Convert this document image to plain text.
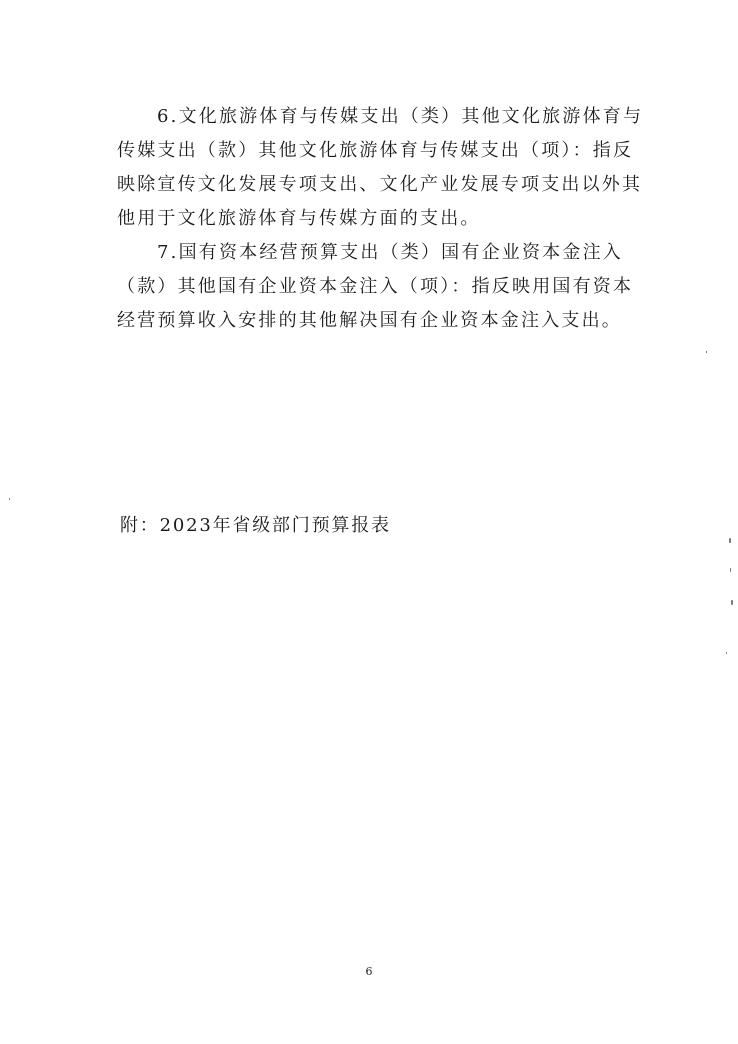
6.文化旅游体育与传媒支出（类）其他文化旅游体育与
传媒支出（款）其他文化旅游体育与传媒支出（项）：指反
映除宣传文化发展专项支出、文化产业发展专项支出以外其
他用于文化旅游体育与传媒方面的支出。
7.国有资本经营预算支出（类）国有企业资本金注入
（款）其他国有企业资本金注入（项）：指反映用国有资本
经营预算收入安排的其他解决国有企业资本金注入支出。
附：2023年省级部门预算报表
6
